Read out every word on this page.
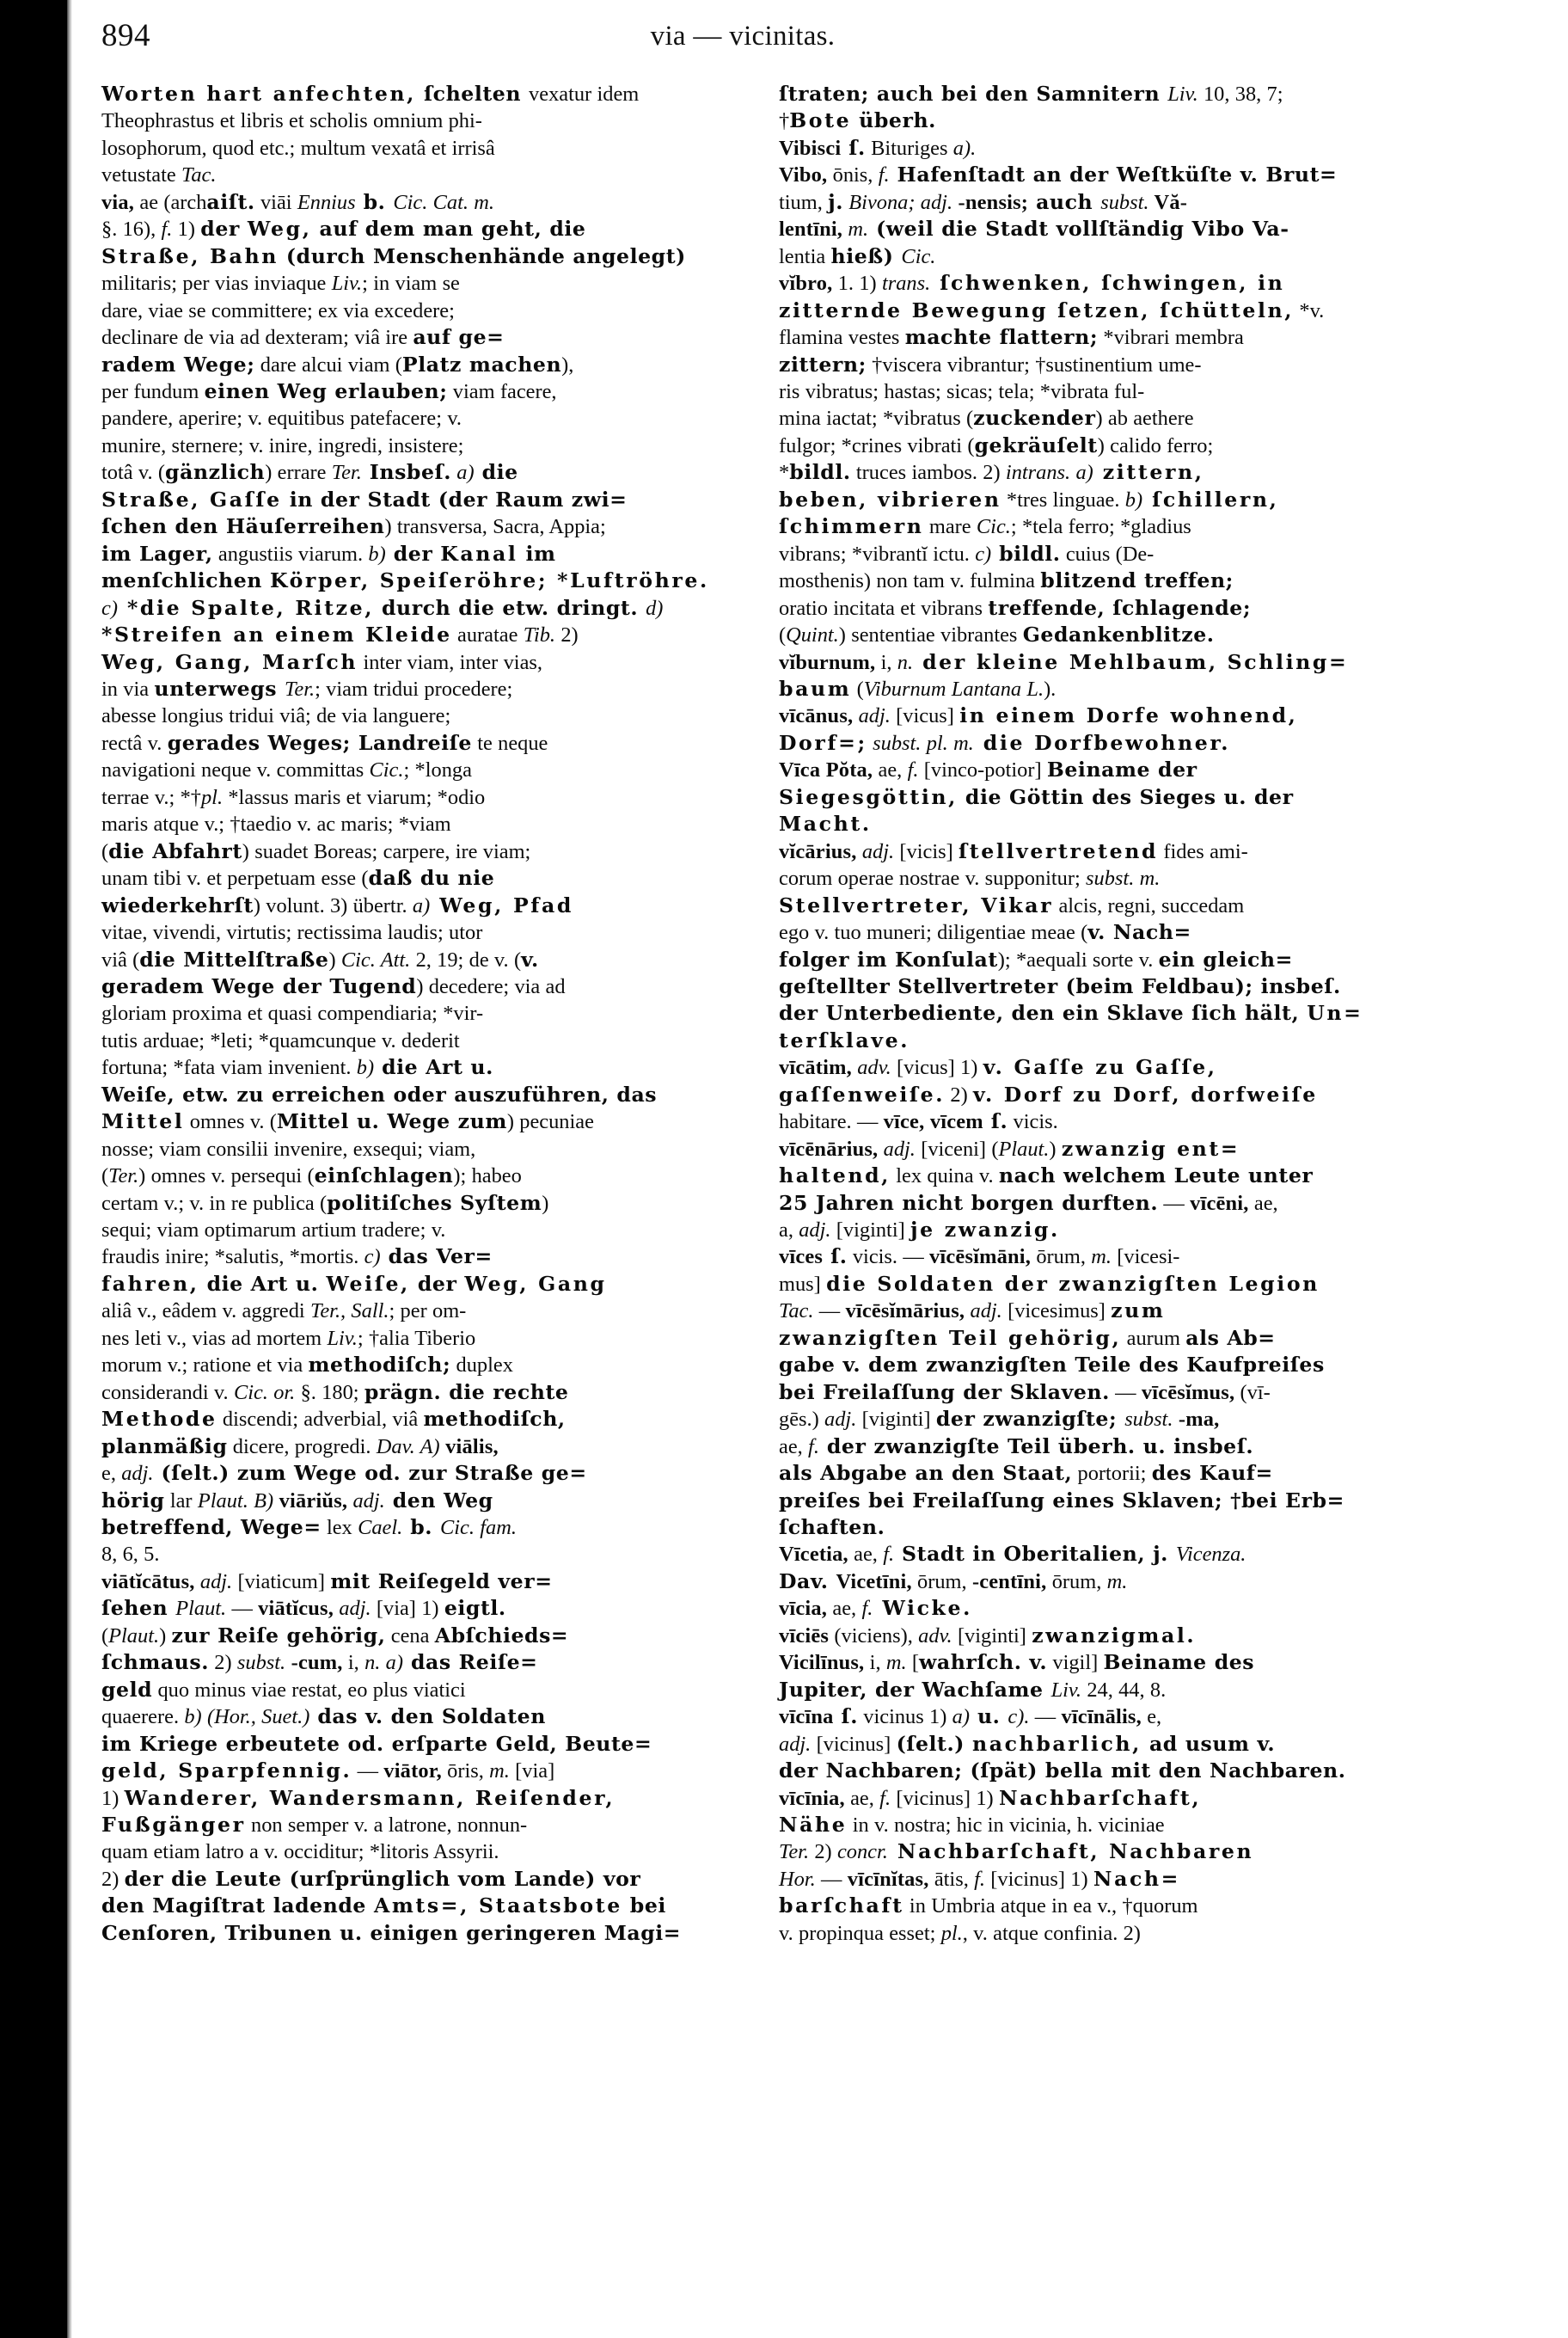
894	via — vicinitas.
Worten hart anfechten, ſchelten vexatur idem
Theophrastus et libris et scholis omnium phi-
losophorum, quod etc.; multum vexatâ et irrisâ
vetustate Tac.
via, ae (archaiſt. viāi Ennius b. Cic. Cat. m.
§. 16), f. 1) der Weg, auf dem man geht, die
Straße, Bahn (durch Menschenhände angelegt)
militaris; per vias inviaque Liv.; in viam se
dare, viae se committere; ex via excedere;
declinare de via ad dexteram; viâ ire auf ge=
radem Wege; dare alcui viam (Platz machen),
per fundum einen Weg erlauben; viam facere,
pandere, aperire; v. equitibus patefacere; v.
munire, sternere; v. inire, ingredi, insistere;
totâ v. (gänzlich) errare Ter. Insbeſ. a) die
Straße, Gaſſe in der Stadt (der Raum zwi=
ſchen den Häuſerreihen) transversa, Sacra, Appia;
im Lager, angustiis viarum. b) der Kanal im
menſchlichen Körper, Speiſeröhre; *Luftröhre.
c) *die Spalte, Ritze, durch die etw. dringt. d)
*Streifen an einem Kleide auratae Tib. 2)
Weg, Gang, Marſch inter viam, inter vias,
in via unterwegs Ter.; viam tridui procedere;
abesse longius tridui viâ; de via languere;
rectâ v. gerades Weges; Landreiſe te neque
navigationi neque v. committas Cic.; *longa
terrae v.; *†pl. *lassus maris et viarum; *odio
maris atque v.; †taedio v. ac maris; *viam
(die Abfahrt) suadet Boreas; carpere, ire viam;
unam tibi v. et perpetuam esse (daß du nie
wiederkehrſt) volunt. 3) übertr. a) Weg, Pfad
vitae, vivendi, virtutis; rectissima laudis; utor
viâ (die Mittelſtraße) Cic. Att. 2, 19; de v. (v.
geradem Wege der Tugend) decedere; via ad
gloriam proxima et quasi compendiaria; *vir-
tutis arduae; *leti; *quamcunque v. dederit
fortuna; *fata viam invenient. b) die Art u.
Weiſe, etw. zu erreichen oder auszuführen, das
Mittel omnes v. (Mittel u. Wege zum) pecuniae
nosse; viam consilii invenire, exsequi; viam,
(Ter.) omnes v. persequi (einſchlagen); habeo
certam v.; v. in re publica (politiſches Syſtem)
sequi; viam optimarum artium tradere; v.
fraudis inire; *salutis, *mortis. c) das Ver=
fahren, die Art u. Weiſe, der Weg, Gang
aliâ v., eâdem v. aggredi Ter., Sall.; per om-
nes leti v., vias ad mortem Liv.; †alia Tiberio
morum v.; ratione et via methodiſch; duplex
considerandi v. Cic. or. §. 180; prägn. die rechte
Methode discendi; adverbial, viâ methodiſch,
planmäßig dicere, progredi. Dav. A) viālis,
e, adj. (ſelt.) zum Wege od. zur Straße ge=
hörig lar Plaut. B) viāriŭs, adj. den Weg
betreffend, Wege= lex Cael. b. Cic. fam.
8, 6, 5.
viātĭcātus, adj. [viaticum] mit Reiſegeld ver=
ſehen Plaut. — viātĭcus, adj. [via] 1) eigtl.
(Plaut.) zur Reiſe gehörig, cena Abſchieds=
ſchmaus. 2) subst. -cum, i, n. a) das Reiſe=
geld quo minus viae restat, eo plus viatici
quaerere. b) (Hor., Suet.) das v. den Soldaten
im Kriege erbeutete od. erſparte Geld, Beute=
geld, Sparpfennig. — viātor, ōris, m. [via]
1) Wanderer, Wandersmann, Reiſender,
Fußgänger non semper v. a latrone, nonnun-
quam etiam latro a v. occiditur; *litoris Assyrii.
2) der die Leute (urſprünglich vom Lande) vor
den Magiſtrat ladende Amts=, Staatsbote bei
Cenſoren, Tribunen u. einigen geringeren Magi=
ſtraten; auch bei den Samnitern Liv. 10, 38, 7;
†Bote überh.
Vibisci ſ. Bituriges a).
Vibo, ōnis, f. Hafenſtadt an der Weſtküſte v. Brut=
tium, j. Bivona; adj. -nensis; auch subst. Vă-
lentīni, m. (weil die Stadt vollſtändig Vibo Va-
lentia hieß) Cic.
vĭbro, 1. 1) trans. ſchwenken, ſchwingen, in
zitternde Bewegung ſetzen, ſchütteln, *v.
flamina vestes machte flattern; *vibrari membra
zittern; †viscera vibrantur; †sustinentium ume-
ris vibratus; hastas; sicas; tela; *vibrata ful-
mina iactat; *vibratus (zuckender) ab aethere
fulgor; *crines vibrati (gekräuſelt) calido ferro;
*bildl. truces iambos. 2) intrans. a) zittern,
beben, vibrieren *tres linguae. b) ſchillern,
ſchimmern mare Cic.; *tela ferro; *gladius
vibrans; *vibrantĭ ictu. c) bildl. cuius (De-
mosthenis) non tam v. fulmina blitzend treffen;
oratio incitata et vibrans treffende, ſchlagende;
(Quint.) sententiae vibrantes Gedankenblitze.
vĭburnum, i, n. der kleine Mehlbaum, Schling=
baum (Viburnum Lantana L.).
vīcānus, adj. [vicus] in einem Dorfe wohnend,
Dorf=; subst. pl. m. die Dorfbewohner.
Vīca Pŏta, ae, f. [vinco-potior] Beiname der
Siegesgöttin, die Göttin des Sieges u. der
Macht.
vĭcārius, adj. [vicis] ſtellvertretend fides ami-
corum operae nostrae v. supponitur; subst. m.
Stellvertreter, Vikar alcis, regni, succedam
ego v. tuo muneri; diligentiae meae (v. Nach=
folger im Konſulat); *aequali sorte v. ein gleich=
geſtellter Stellvertreter (beim Feldbau); insbeſ.
der Unterbediente, den ein Sklave ſich hält, Un=
terſklave.
vīcātim, adv. [vicus] 1) v. Gaſſe zu Gaſſe,
gaſſenweiſe. 2) v. Dorf zu Dorf, dorfweiſe
habitare. — vīce, vīcem ſ. vicis.
vīcēnārius, adj. [viceni] (Plaut.) zwanzig ent=
haltend, lex quina v. nach welchem Leute unter
25 Jahren nicht borgen durften. — vīcēni, ae,
a, adj. [viginti] je zwanzig.
vīces ſ. vicis. — vīcēsĭmāni, ōrum, m. [vicesi-
mus] die Soldaten der zwanzigſten Legion
Tac. — vīcēsĭmārius, adj. [vicesimus] zum
zwanzigſten Teil gehörig, aurum als Ab=
gabe v. dem zwanzigſten Teile des Kaufpreiſes
bei Freilaſſung der Sklaven. — vīcēsĭmus, (vī-
gēs.) adj. [viginti] der zwanzigſte; subst. -ma,
ae, f. der zwanzigſte Teil überh. u. insbeſ.
als Abgabe an den Staat, portorii; des Kauf=
preiſes bei Freilaſſung eines Sklaven; †bei Erb=
ſchaften.
Vīcetia, ae, f. Stadt in Oberitalien, j. Vicenza.
Dav. Vicetīni, ōrum, -centīni, ōrum, m.
vīcia, ae, f. Wicke.
vīciēs (viciens), adv. [viginti] zwanzigmal.
Vicilīnus, i, m. [wahrſch. v. vigil] Beiname des
Jupiter, der Wachſame Liv. 24, 44, 8.
vīcīna ſ. vicinus 1) a) u. c). — vīcīnālis, e,
adj. [vicinus] (ſelt.) nachbarlich, ad usum v.
der Nachbaren; (ſpät) bella mit den Nachbaren.
vīcīnia, ae, f. [vicinus] 1) Nachbarſchaft,
Nähe in v. nostra; hic in vicinia, h. viciniae
Ter. 2) concr. Nachbarſchaft, Nachbaren
Hor. — vīcīnĭtas, ātis, f. [vicinus] 1) Nach=
barſchaft in Umbria atque in ea v., †quorum
v. propinqua esset; pl., v. atque confinia. 2)
